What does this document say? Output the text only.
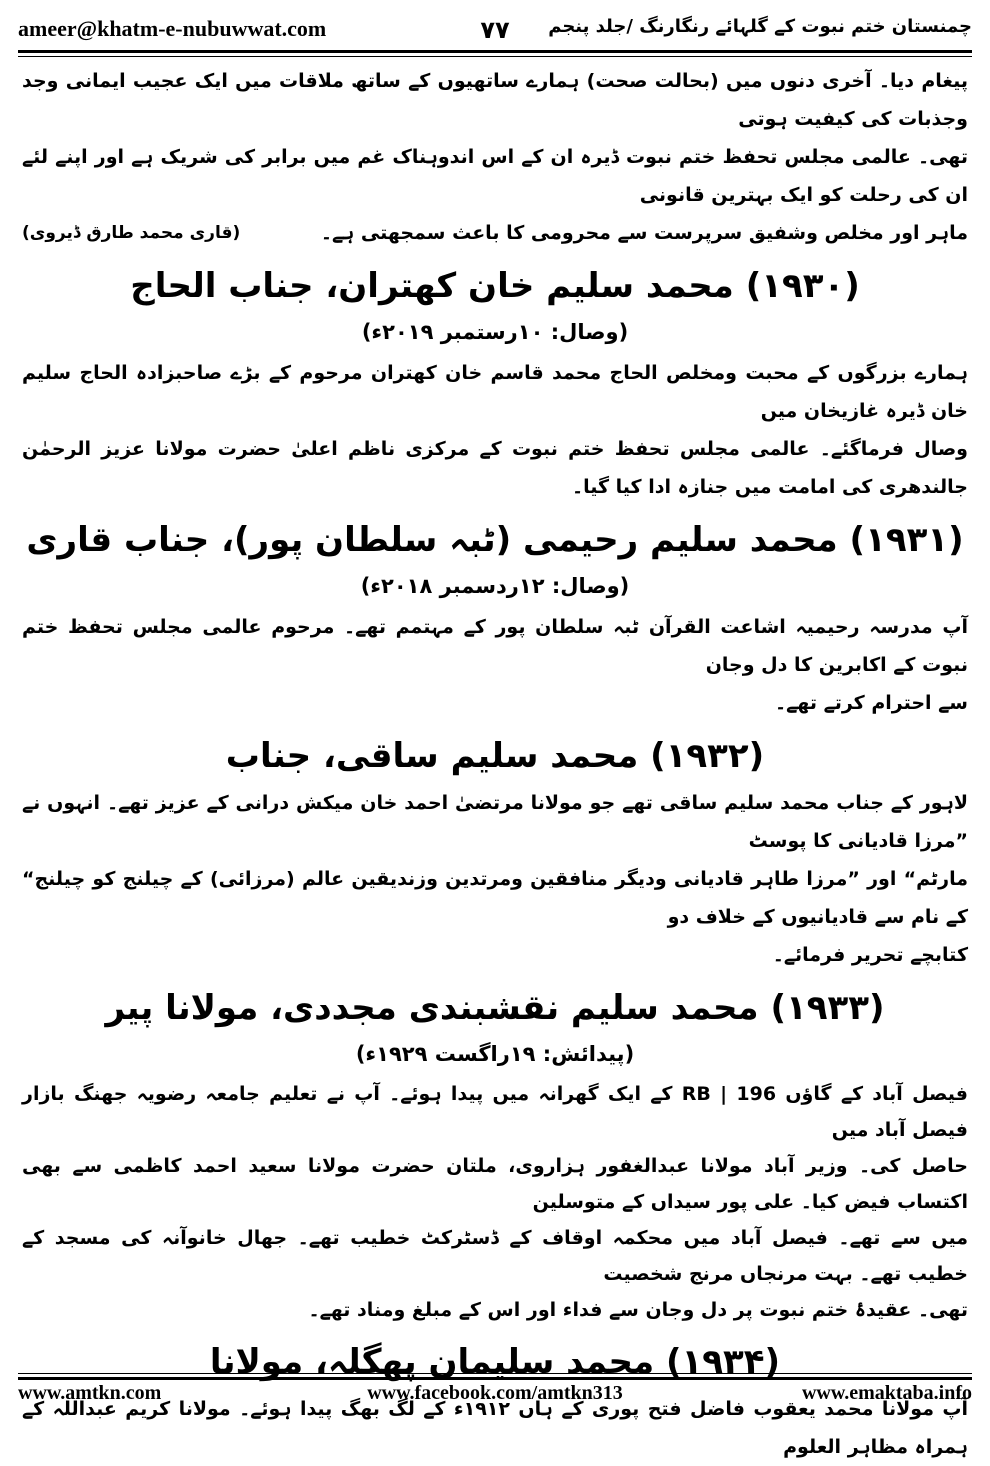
ameer@khatm-e-nubuwwat.com	۷۷	چمنستان ختم نبوت کے گلہائے رنگارنگ /جلد پنجم

پیغام دیا۔ آخری دنوں میں (بحالت صحت) ہمارے ساتھیوں کے ساتھ ملاقات میں ایک عجیب ایمانی وجد وجذبات کی کیفیت ہوتی

تھی۔ عالمی مجلس تحفظ ختم نبوت ڈیرہ ان کے اس اندوہناک غم میں برابر کی شریک ہے اور اپنے لئے ان کی رحلت کو ایک بہترین قانونی

ماہر اور مخلص وشفیق سرپرست سے محرومی کا باعث سمجھتی ہے۔
(قاری محمد طارق ڈیروی)
(۱۹۳۰) محمد سلیم خان کھتران، جناب الحاج
(وصال: ۱۰رستمبر ۲۰۱۹ء)

ہمارے بزرگوں کے محبت ومخلص الحاج محمد قاسم خان کھتران مرحوم کے بڑے صاحبزادہ الحاج سلیم خان ڈیرہ غازیخان میں

وصال فرماگئے۔ عالمی مجلس تحفظ ختم نبوت کے مرکزی ناظم اعلیٰ حضرت مولانا عزیز الرحمٰن جالندھری کی امامت میں جنازہ ادا کیا گیا۔

(۱۹۳۱) محمد سلیم رحیمی (ٹبہ سلطان پور)، جناب قاری
(وصال: ۱۲ردسمبر ۲۰۱۸ء)

آپ مدرسہ رحیمیہ اشاعت القرآن ٹبہ سلطان پور کے مہتمم تھے۔ مرحوم عالمی مجلس تحفظ ختم نبوت کے اکابرین کا دل وجان

سے احترام کرتے تھے۔

(۱۹۳۲) محمد سلیم ساقی، جناب

لاہور کے جناب محمد سلیم ساقی تھے جو مولانا مرتضیٰ احمد خان میکش درانی کے عزیز تھے۔ انہوں نے ”مرزا قادیانی کا پوسٹ

مارٹم“ اور ”مرزا طاہر قادیانی ودیگر منافقین ومرتدین وزندیقین عالم (مرزائی) کے چیلنج کو چیلنج“ کے نام سے قادیانیوں کے خلاف دو

کتابچے تحریر فرمائے۔

(۱۹۳۳) محمد سلیم نقشبندی مجددی، مولانا پیر
(پیدائش: ۱۹راگست ۱۹۲۹ء)

فیصل آباد کے گاؤں RB | 196 کے ایک گھرانہ میں پیدا ہوئے۔ آپ نے تعلیم جامعہ رضویہ جھنگ بازار فیصل آباد میں

حاصل کی۔ وزیر آباد مولانا عبدالغفور ہزاروی، ملتان حضرت مولانا سعید احمد کاظمی سے بھی اکتساب فیض کیا۔ علی پور سیداں کے متوسلین

میں سے تھے۔ فیصل آباد میں محکمہ اوقاف کے ڈسٹرکٹ خطیب تھے۔ جھال خانوآنہ کی مسجد کے خطیب تھے۔ بہت مرنجاں مرنج شخصیت

تھی۔ عقیدۂ ختم نبوت پر دل وجان سے فداء اور اس کے مبلغ ومناد تھے۔

(۱۹۳۴) محمد سلیمان پھگلہ، مولانا

آپ مولانا محمد یعقوب فاضل فتح پوری کے ہاں ۱۹۱۲ء کے لگ بھگ پیدا ہوئے۔ مولانا کریم عبداللہ کے ہمراہ مظاہر العلوم

www.amtkn.com	www.facebook.com/amtkn313	www.emaktaba.info
